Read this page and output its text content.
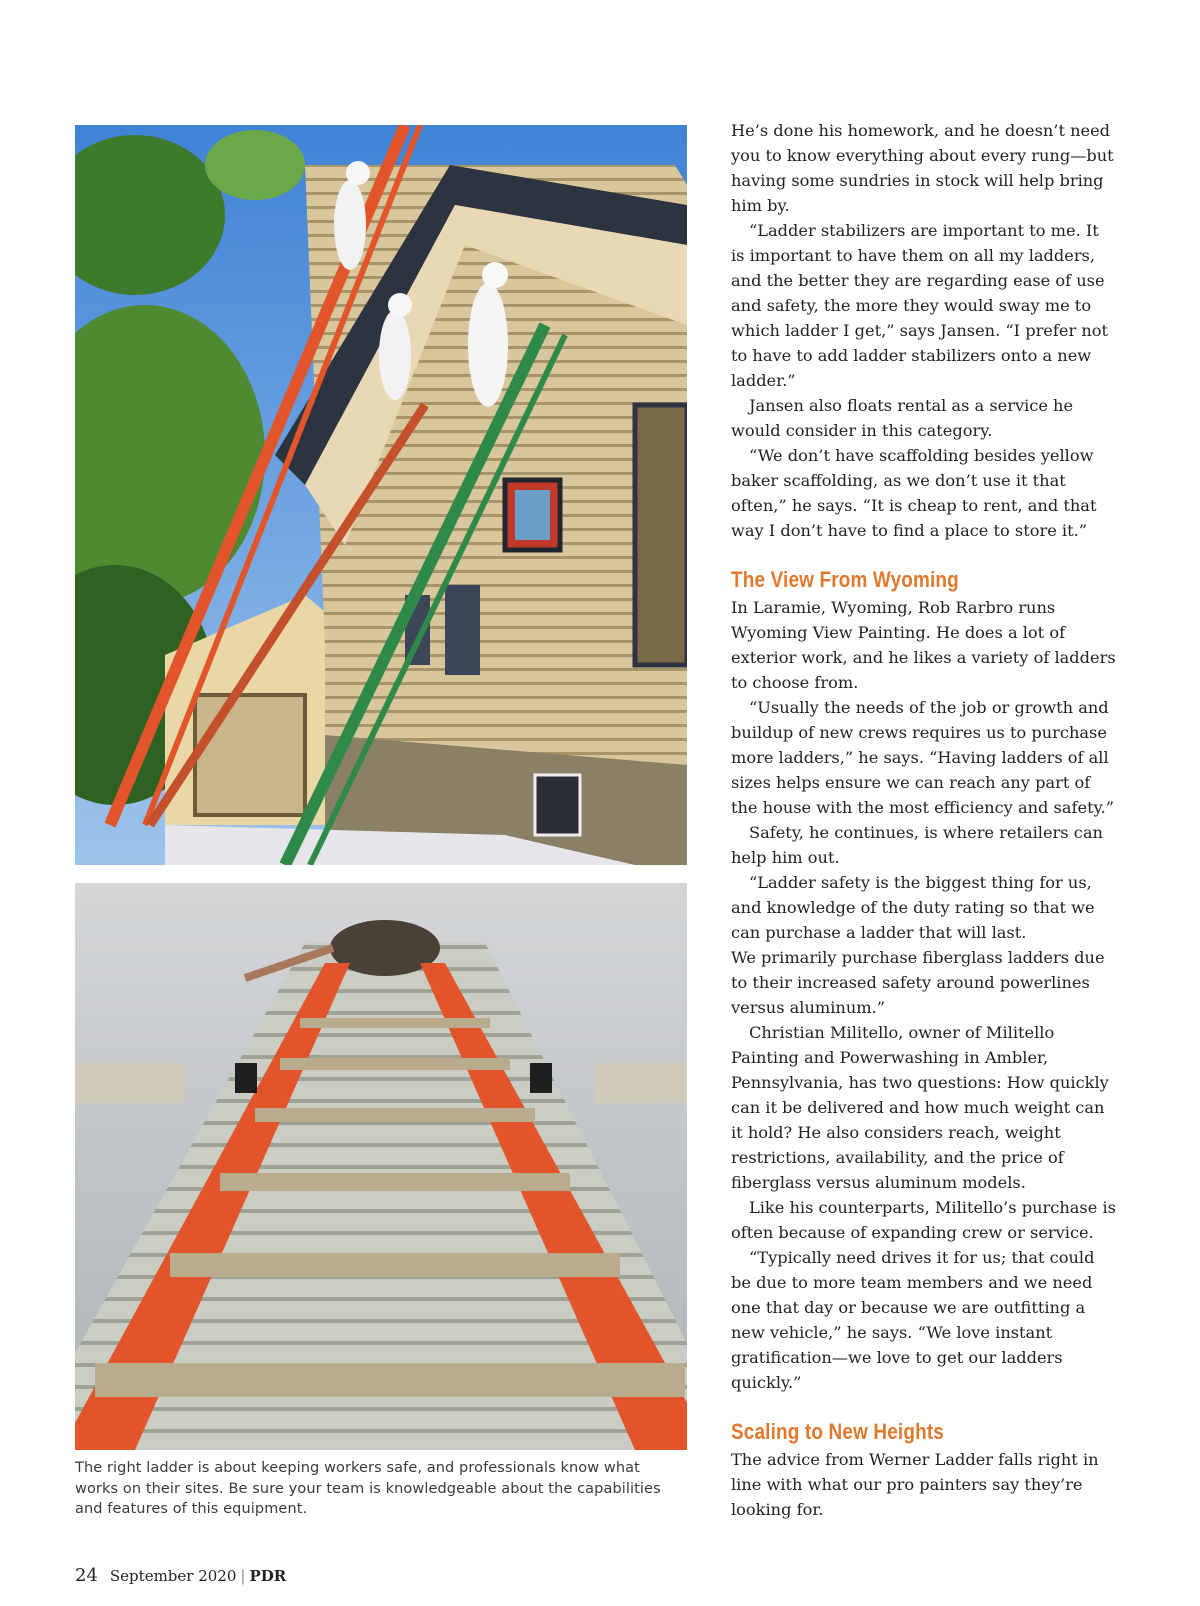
The right ladder is about keeping workers safe, and professionals know what works on their sites. Be sure your team is knowledgeable about the capabilities and features of this equipment.

He’s done his homework, and he doesn’t need you to know everything about every rung—but having some sundries in stock will help bring him by.

“Ladder stabilizers are important to me. It is important to have them on all my ladders, and the better they are regarding ease of use and safety, the more they would sway me to which ladder I get,” says Jansen. “I prefer not to have to add ladder stabilizers onto a new ladder.”

Jansen also floats rental as a service he would consider in this category.

“We don’t have scaffolding besides yellow baker scaffolding, as we don’t use it that often,” he says. “It is cheap to rent, and that way I don’t have to find a place to store it.”

The View From Wyoming

In Laramie, Wyoming, Rob Rarbro runs Wyoming View Painting. He does a lot of exterior work, and he likes a variety of ladders to choose from.

“Usually the needs of the job or growth and buildup of new crews requires us to purchase more ladders,” he says. “Having ladders of all sizes helps ensure we can reach any part of the house with the most efficiency and safety.”

Safety, he continues, is where retailers can help him out.

“Ladder safety is the biggest thing for us, and knowledge of the duty rating so that we can purchase a ladder that will last.

We primarily purchase fiberglass ladders due to their increased safety around powerlines versus aluminum.”

Christian Militello, owner of Militello Painting and Powerwashing in Ambler, Pennsylvania, has two questions: How quickly can it be delivered and how much weight can it hold? He also considers reach, weight restrictions, availability, and the price of fiberglass versus aluminum models.

Like his counterparts, Militello’s purchase is often because of expanding crew or service.

“Typically need drives it for us; that could be due to more team members and we need one that day or because we are outfitting a new vehicle,” he says. “We love instant gratification—we love to get our ladders quickly.”

Scaling to New Heights

The advice from Werner Ladder falls right in line with what our pro painters say they’re looking for.

24 September 2020 | PDR
